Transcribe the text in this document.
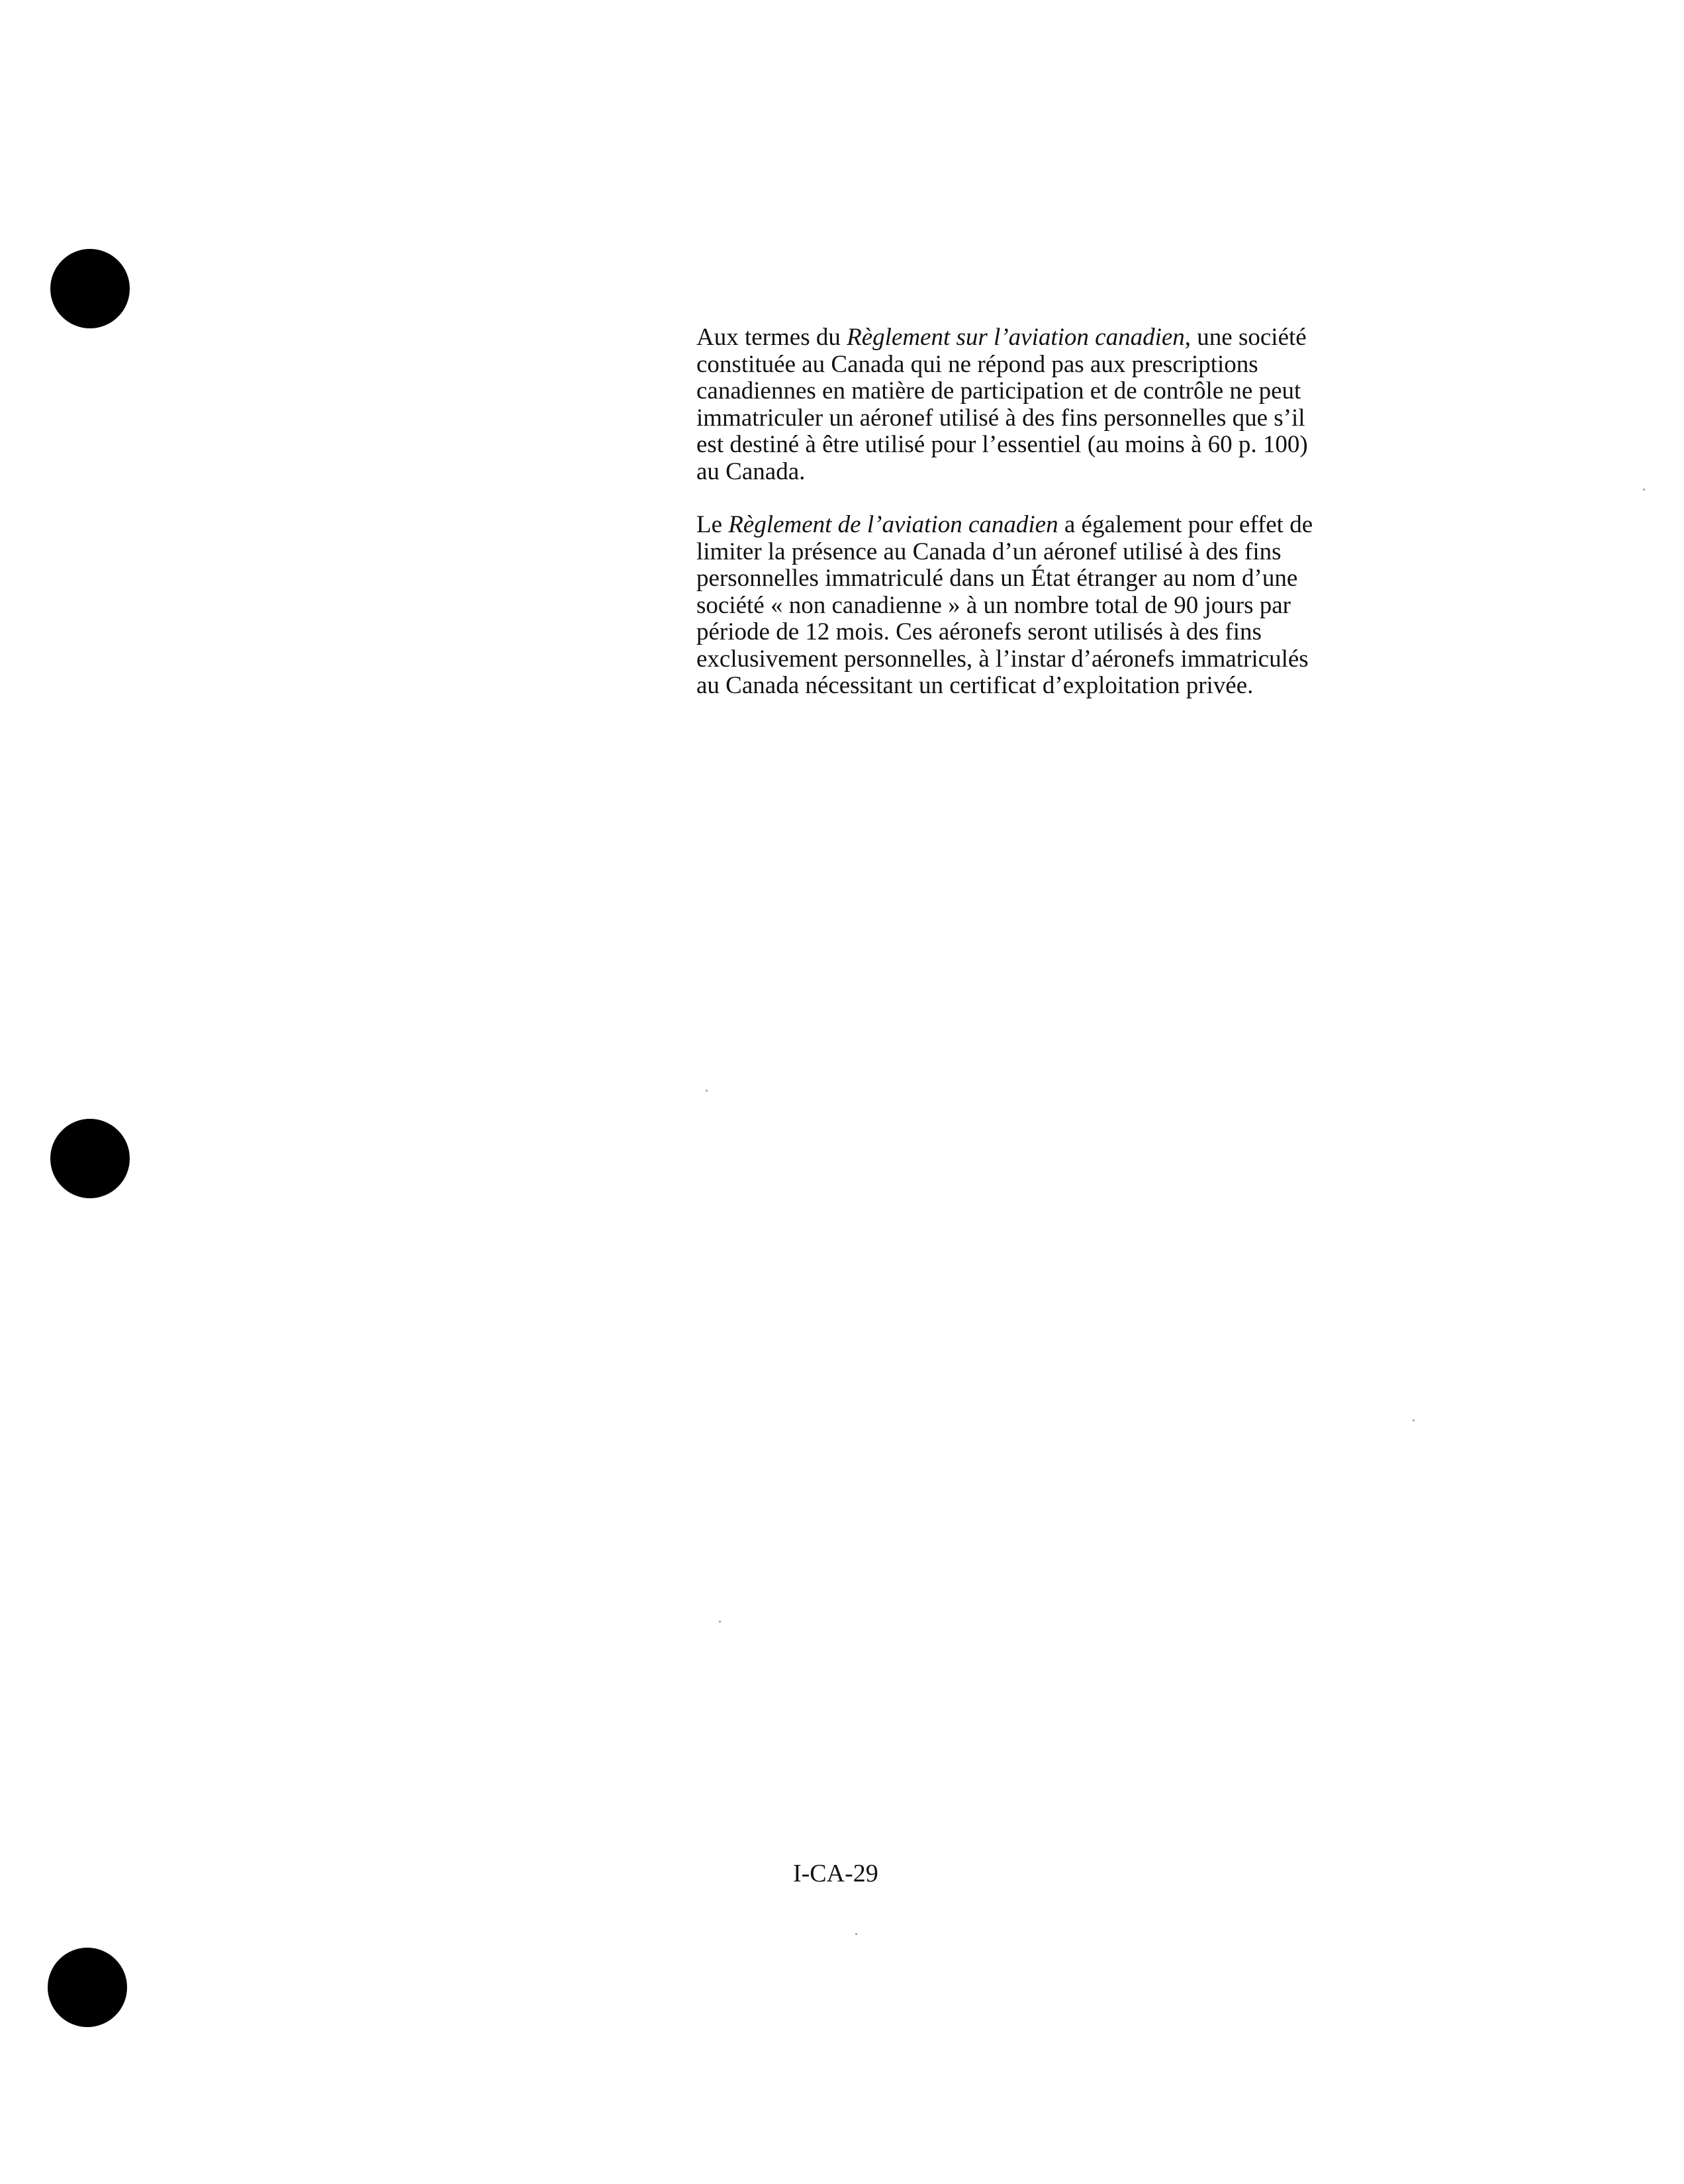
Aux termes du Règlement sur l’aviation canadien, une société
constituée au Canada qui ne répond pas aux prescriptions
canadiennes en matière de participation et de contrôle ne peut
immatriculer un aéronef utilisé à des fins personnelles que s’il
est destiné à être utilisé pour l’essentiel (au moins à 60 p. 100)
au Canada.

Le Règlement de l’aviation canadien a également pour effet de
limiter la présence au Canada d’un aéronef utilisé à des fins
personnelles immatriculé dans un État étranger au nom d’une
société « non canadienne » à un nombre total de 90 jours par
période de 12 mois. Ces aéronefs seront utilisés à des fins
exclusivement personnelles, à l’instar d’aéronefs immatriculés
au Canada nécessitant un certificat d’exploitation privée.

I-CA-29
